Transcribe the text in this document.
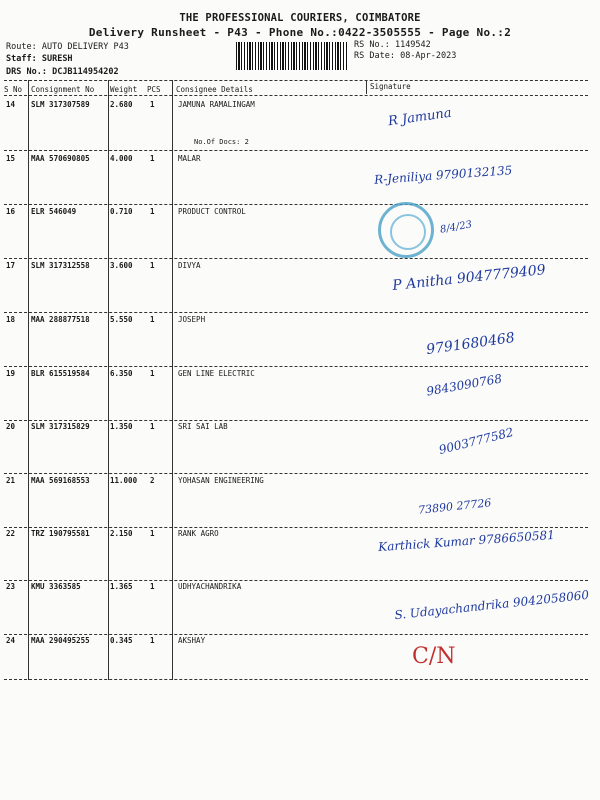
THE PROFESSIONAL COURIERS, COIMBATORE
Delivery Runsheet - P43 - Phone No.:0422-3505555 - Page No.:2
Route: AUTO DELIVERY P43
Staff: SURESH
DRS No.: DCJB114954202
RS No.: 1149542
RS Date: 08-Apr-2023
S No Consignment No Weight PCS Consignee Details	Signature
14 SLM 317307589	2.680 1	JAMUNA RAMALINGAM
No.Of Docs: 2
R Jamuna
15 MAA 570690805	4.000 1	MALAR
R-Jeniliya 9790132135
16 ELR 546049	0.710 1	PRODUCT CONTROL
8/4/23
17 SLM 317312558	3.600 1	DIVYA	P Anitha 9047779409
18 MAA 288877518	5.550 1	JOSEPH
9791680468
19 BLR 615519584	6.350 1	GEN LINE ELECTRIC	9843090768
20 SLM 317315829	1.350 1	SRI SAI LAB	9003777582
21 MAA 569168553	11.000 2	YOHASAN ENGINEERING
73890 27726
22 TRZ 190795581	2.150 1	RANK AGRO	Karthick Kumar 9786650581
23 KMU 3363585	1.365 1	UDHYACHANDRIKA
S. Udayachandrika 9042058060
24 MAA 290495255	0.345 1	AKSHAY
C/N
